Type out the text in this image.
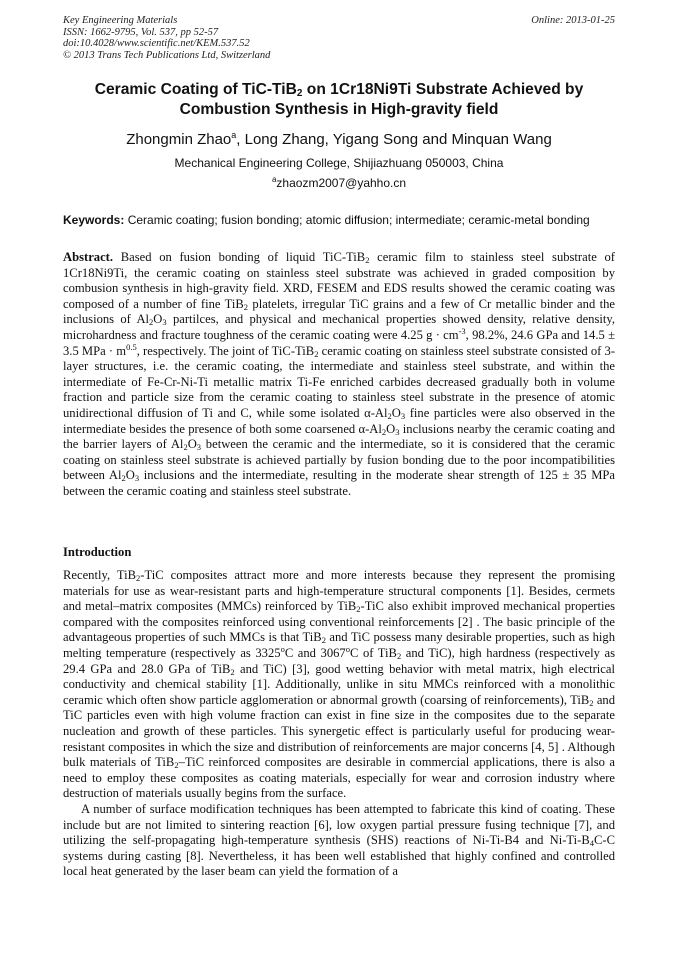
Key Engineering Materials
ISSN: 1662-9795, Vol. 537, pp 52-57
doi:10.4028/www.scientific.net/KEM.537.52
© 2013 Trans Tech Publications Ltd, Switzerland
Online: 2013-01-25
Ceramic Coating of TiC-TiB$_2$ on 1Cr18Ni9Ti Substrate Achieved by
Combustion Synthesis in High-gravity field
Zhongmin Zhao$^a$, Long Zhang, Yigang Song and Minquan Wang
Mechanical Engineering College, Shijiazhuang 050003, China
$^a$zhaozm2007@yahho.cn
Keywords: Ceramic coating; fusion bonding; atomic diffusion; intermediate; ceramic-metal bonding

Abstract. Based on fusion bonding of liquid TiC-TiB$_2$ ceramic film to stainless steel substrate of 1Cr18Ni9Ti, the ceramic coating on stainless steel substrate was achieved in graded composition by combusion synthesis in high-gravity field. XRD, FESEM and EDS results showed the ceramic coating was composed of a number of fine TiB$_2$ platelets, irregular TiC grains and a few of Cr metallic binder and the inclusions of $Al_2O_3$ partilces, and physical and mechanical properties showed density, relative density, microhardness and fracture toughness of the ceramic coating were 4.25 $g \cdot cm^{-3}$, 98.2%, 24.6 GPa and 14.5 ± 3.5 MPa · $m^{0.5}$, respectively. The joint of TiC-TiB$_2$ ceramic coating on stainless steel substrate consisted of 3-layer structures, i.e. the ceramic coating, the intermediate and stainless steel substrate, and within the intermediate of Fe-Cr-Ni-Ti metallic matrix Ti-Fe enriched carbides decreased gradually both in volume fraction and particle size from the ceramic coating to stainless steel substrate in the presence of atomic unidirectional diffusion of Ti and C, while some isolated $\alpha-Al_2O_3$ fine particles were also observed in the intermediate besides the presence of both some coarsened $\alpha-Al_2O_3$ inclusions nearby the ceramic coating and the barrier layers of $Al_2O_3$ between the ceramic and the intermediate, so it is considered that the ceramic coating on stainless steel substrate is achieved partially by fusion bonding due to the poor incompatibilities between $Al_2O_3$ inclusions and the intermediate, resulting in the moderate shear strength of 125 ± 35 MPa between the ceramic coating and stainless steel substrate.

Introduction

Recently, TiB$_2$-TiC composites attract more and more interests because they represent the promising materials for use as wear-resistant parts and high-temperature structural components [1]. Besides, cermets and metal–matrix composites (MMCs) reinforced by TiB$_2$-TiC also exhibit improved mechanical properties compared with the composites reinforced using conventional reinforcements [2] . The basic principle of the advantageous properties of such MMCs is that TiB$_2$ and TiC possess many desirable properties, such as high melting temperature (respectively as 3325$^o$C and 3067$^o$C of TiB$_2$ and TiC), high hardness (respectively as 29.4 GPa and 28.0 GPa of TiB$_2$ and TiC) [3], good wetting behavior with metal matrix, high electrical conductivity and chemical stability [1]. Additionally, unlike in situ MMCs reinforced with a monolithic ceramic which often show particle agglomeration or abnormal growth (coarsing of reinforcements), TiB$_2$ and TiC particles even with high volume fraction can exist in fine size in the composites due to the separate nucleation and growth of these particles. This synergetic effect is particularly useful for producing wear-resistant composites in which the size and distribution of reinforcements are major concerns [4, 5] . Although bulk materials of TiB$_2$–TiC reinforced composites are desirable in commercial applications, there is also a need to employ these composites as coating materials, especially for wear and corrosion industry where destruction of materials usually begins from the surface.

A number of surface modification techniques has been attempted to fabricate this kind of coating. These include but are not limited to sintering reaction [6], low oxygen partial pressure fusing technique [7], and utilizing the self-propagating high-temperature synthesis (SHS) reactions of Ni-Ti-B4 and $Ni-Ti-B_4C-C$ systems during casting [8]. Nevertheless, it has been well established that highly confined and controlled local heat generated by the laser beam can yield the formation of a
